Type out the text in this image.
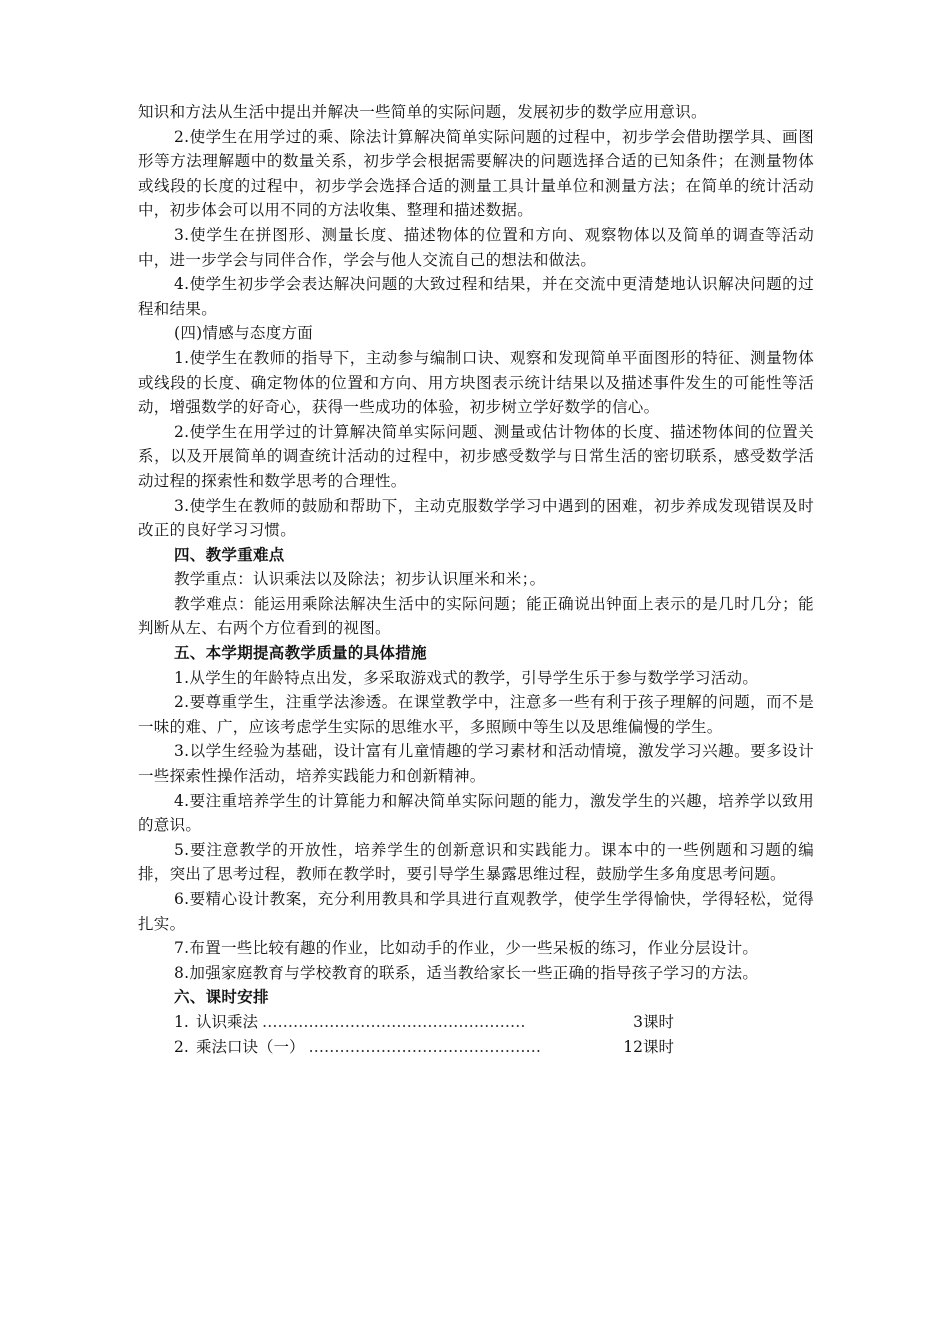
知识和方法从生活中提出并解决一些简单的实际问题，发展初步的数学应用意识。

2.使学生在用学过的乘、除法计算解决简单实际问题的过程中，初步学会借助摆学具、画图形等方法理解题中的数量关系，初步学会根据需要解决的问题选择合适的已知条件；在测量物体或线段的长度的过程中，初步学会选择合适的测量工具计量单位和测量方法；在简单的统计活动中，初步体会可以用不同的方法收集、整理和描述数据。

3.使学生在拼图形、测量长度、描述物体的位置和方向、观察物体以及简单的调查等活动中，进一步学会与同伴合作，学会与他人交流自己的想法和做法。

4.使学生初步学会表达解决问题的大致过程和结果，并在交流中更清楚地认识解决问题的过程和结果。

(四)情感与态度方面

1.使学生在教师的指导下，主动参与编制口诀、观察和发现简单平面图形的特征、测量物体或线段的长度、确定物体的位置和方向、用方块图表示统计结果以及描述事件发生的可能性等活动，增强数学的好奇心，获得一些成功的体验，初步树立学好数学的信心。

2.使学生在用学过的计算解决简单实际问题、测量或估计物体的长度、描述物体间的位置关系，以及开展简单的调查统计活动的过程中，初步感受数学与日常生活的密切联系，感受数学活动过程的探索性和数学思考的合理性。

3.使学生在教师的鼓励和帮助下，主动克服数学学习中遇到的困难，初步养成发现错误及时改正的良好学习习惯。

四、教学重难点

教学重点：认识乘法以及除法；初步认识厘米和米；。

教学难点：能运用乘除法解决生活中的实际问题；能正确说出钟面上表示的是几时几分；能判断从左、右两个方位看到的视图。

五、本学期提高教学质量的具体措施

1.从学生的年龄特点出发，多采取游戏式的教学，引导学生乐于参与数学学习活动。

2.要尊重学生，注重学法渗透。在课堂教学中，注意多一些有利于孩子理解的问题，而不是一味的难、广，应该考虑学生实际的思维水平，多照顾中等生以及思维偏慢的学生。

3.以学生经验为基础，设计富有儿童情趣的学习素材和活动情境，激发学习兴趣。要多设计一些探索性操作活动，培养实践能力和创新精神。

4.要注重培养学生的计算能力和解决简单实际问题的能力，激发学生的兴趣，培养学以致用的意识。

5.要注意教学的开放性，培养学生的创新意识和实践能力。课本中的一些例题和习题的编排，突出了思考过程，教师在教学时，要引导学生暴露思维过程，鼓励学生多角度思考问题。

6.要精心设计教案，充分利用教具和学具进行直观教学，使学生学得愉快，学得轻松，觉得扎实。

7.布置一些比较有趣的作业，比如动手的作业，少一些呆板的练习，作业分层设计。

8.加强家庭教育与学校教育的联系，适当教给家长一些正确的指导孩子学习的方法。

六、课时安排

1. 认识乘法 ……………………………………………	3课时
2. 乘法口诀（一） ………………………………………	12课时
